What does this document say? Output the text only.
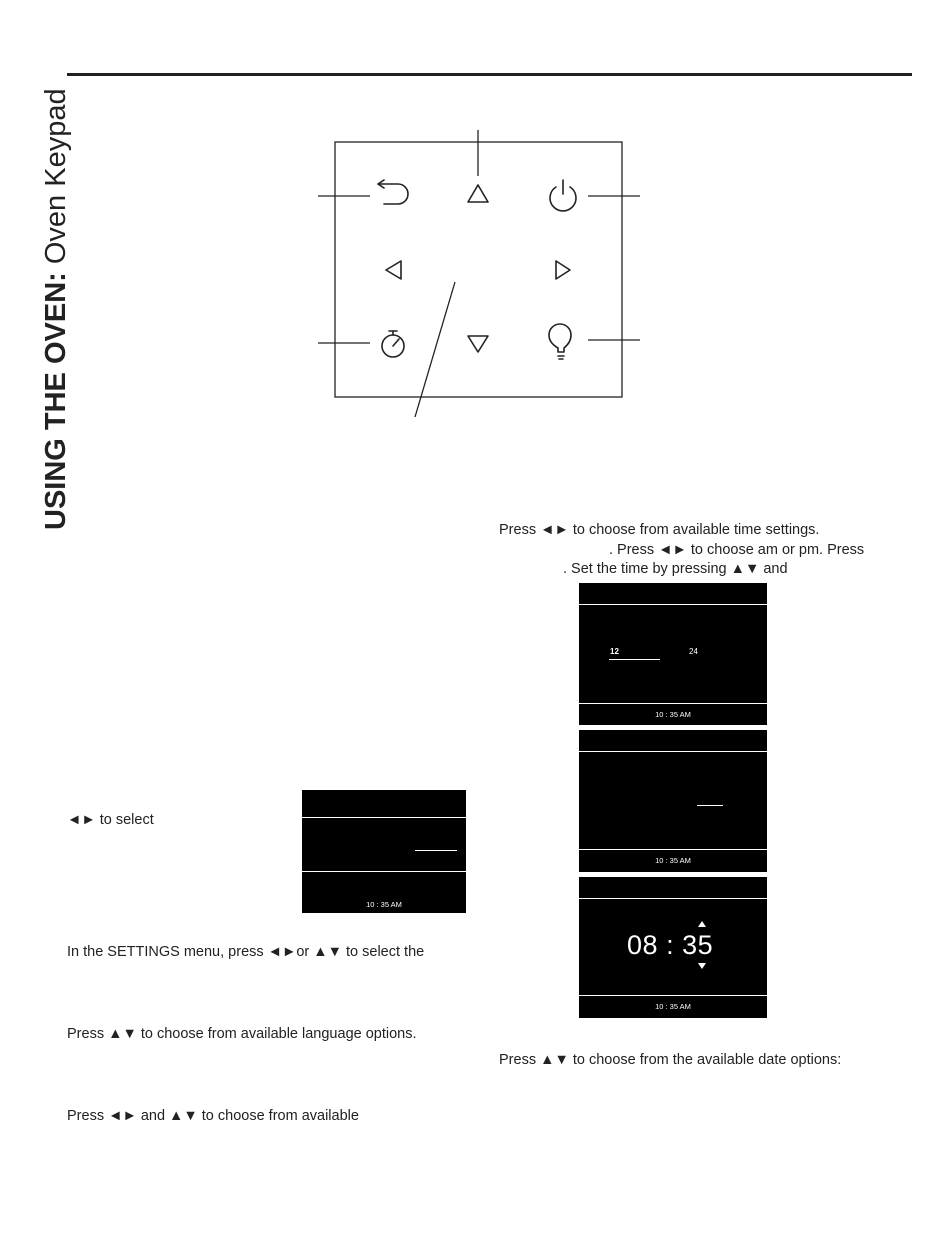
USING THE OVEN: Oven Keypad
Press ◄► to choose from available time settings.
. Press ◄► to choose am or pm. Press
. Set the time by pressing ▲▼ and
12	24
10 : 35 AM
10 : 35 AM
08 : 35
10 : 35 AM
Press ▲▼ to choose from the available date options:
◄► to select
10 : 35 AM
In the SETTINGS menu, press ◄►or ▲▼ to select the
Press ▲▼ to choose from available language options.
Press ◄► and ▲▼ to choose from available
